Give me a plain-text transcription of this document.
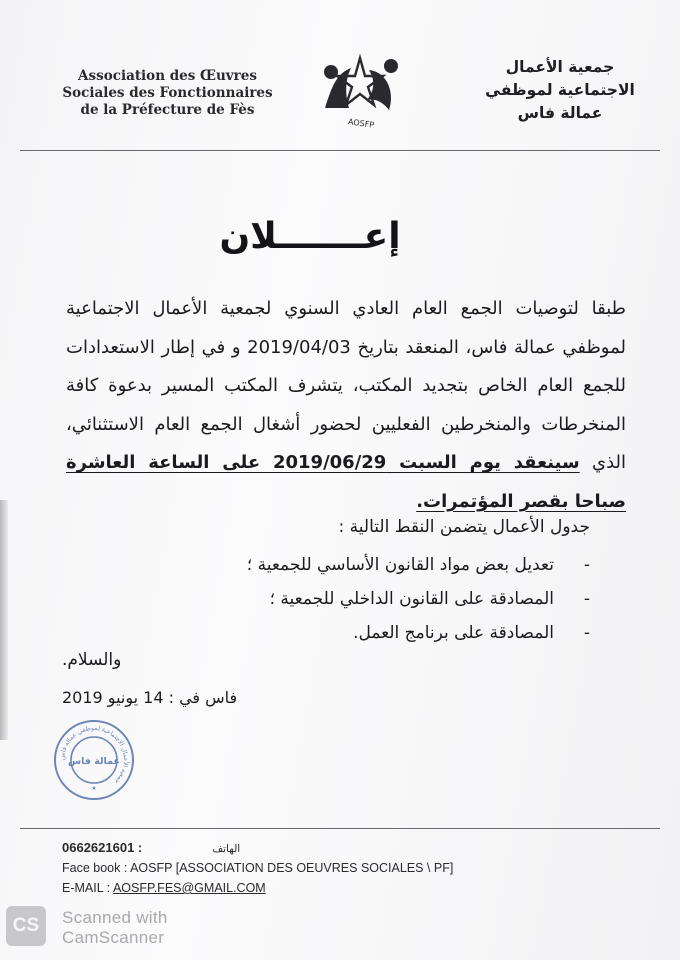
Association des Œuvres
Sociales des Fonctionnaires
de la Préfecture de Fès
AOSFP
جمعية الأعمال
الاجتماعية لموظفي
عمالة فاس
إعـــــــلان
طبقا لتوصيات الجمع العام العادي السنوي لجمعية الأعمال الاجتماعية لموظفي عمالة فاس، المنعقد بتاريخ 2019/04/03 و في إطار الاستعدادات للجمع العام الخاص بتجديد المكتب، يتشرف المكتب المسير بدعوة كافة المنخرطات والمنخرطين الفعليين لحضور أشغال الجمع العام الاستثنائي، الذي سينعقد يوم السبت 2019/06/29 على الساعة العاشرة صباحا بقصر المؤتمرات.
جدول الأعمال يتضمن النقط التالية :
-
تعديل بعض مواد القانون الأساسي للجمعية ؛
-
المصادقة على القانون الداخلي للجمعية ؛
-
المصادقة على برنامج العمل.
والسلام.
فاس في : 14 يونيو 2019
جمعية الأعمال الاجتماعية لموظفي عمالة فاس
عمالة فاس
★
0662621601 :	الهاتف
Face book : AOSFP [ASSOCIATION DES OEUVRES SOCIALES \ PF]
E-MAIL : AOSFP.FES@GMAIL.COM
CS	Scanned with
CamScanner
